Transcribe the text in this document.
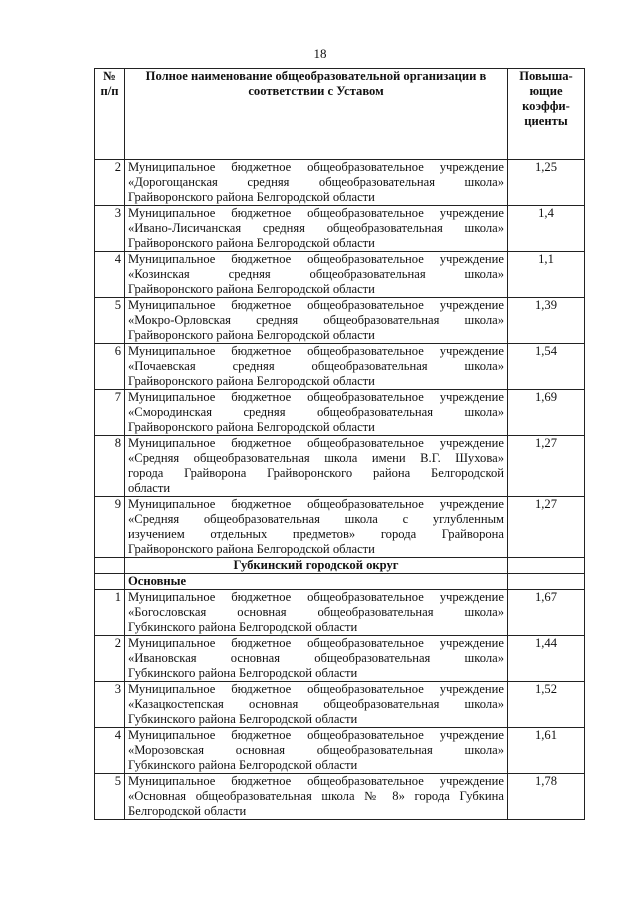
18
№ п/п	Полное наименование общеобразовательной организации в соответствии с Уставом	Повыша-ющие коэффи-циенты
2	Муниципальное бюджетное общеобразовательное учреждение
«Дорогощанская средняя общеобразовательная школа»
Грайворонского района Белгородской области	1,25
3	Муниципальное бюджетное общеобразовательное учреждение
«Ивано-Лисичанская средняя общеобразовательная школа»
Грайворонского района Белгородской области	1,4
4	Муниципальное бюджетное общеобразовательное учреждение
«Козинская средняя общеобразовательная школа»
Грайворонского района Белгородской области	1,1
5	Муниципальное бюджетное общеобразовательное учреждение
«Мокро-Орловская средняя общеобразовательная школа»
Грайворонского района Белгородской области	1,39
6	Муниципальное бюджетное общеобразовательное учреждение
«Почаевская средняя общеобразовательная школа»
Грайворонского района Белгородской области	1,54
7	Муниципальное бюджетное общеобразовательное учреждение
«Смородинская средняя общеобразовательная школа»
Грайворонского района Белгородской области	1,69
8	Муниципальное бюджетное общеобразовательное учреждение
«Средняя общеобразовательная школа имени В.Г. Шухова»
города Грайворона Грайворонского района Белгородской
области	1,27
9	Муниципальное бюджетное общеобразовательное учреждение
«Средняя общеобразовательная школа с углубленным
изучением отдельных предметов» города Грайворона
Грайворонского района Белгородской области	1,27
	Губкинский городской округ	
	Основные	
1	Муниципальное бюджетное общеобразовательное учреждение
«Богословская основная общеобразовательная школа»
Губкинского района Белгородской области	1,67
2	Муниципальное бюджетное общеобразовательное учреждение
«Ивановская основная общеобразовательная школа»
Губкинского района Белгородской области	1,44
3	Муниципальное бюджетное общеобразовательное учреждение
«Казацкостепская основная общеобразовательная школа»
Губкинского района Белгородской области	1,52
4	Муниципальное бюджетное общеобразовательное учреждение
«Морозовская основная общеобразовательная школа»
Губкинского района Белгородской области	1,61
5	Муниципальное бюджетное общеобразовательное учреждение
«Основная общеобразовательная школа № 8» города Губкина
Белгородской области	1,78
